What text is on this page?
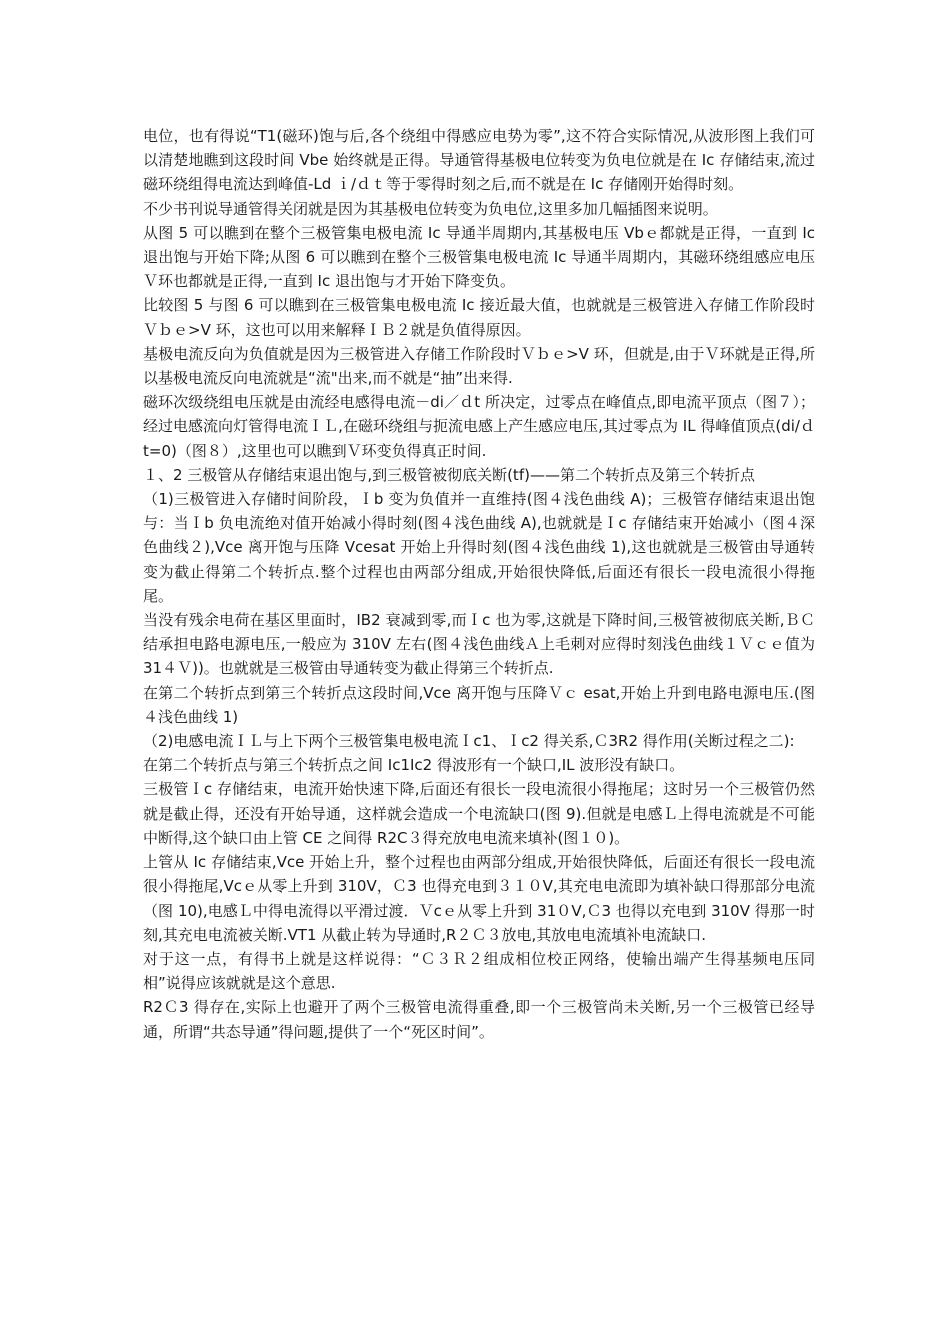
电位，也有得说“T1(磁环)饱与后,各个绕组中得感应电势为零”,这不符合实际情况,从波形图上我们可以清楚地瞧到这段时间 Vbe 始终就是正得。导通管得基极电位转变为负电位就是在 Ic 存储结束,流过磁环绕组得电流达到峰值-Ld ｉ/ｄｔ等于零得时刻之后,而不就是在 Ic 存储刚开始得时刻。

不少书刊说导通管得关闭就是因为其基极电位转变为负电位,这里多加几幅插图来说明。

从图 5 可以瞧到在整个三极管集电极电流 Ic 导通半周期内,其基极电压 Vbｅ都就是正得，一直到 Ic 退出饱与开始下降;从图 6 可以瞧到在整个三极管集电极电流 Ic 导通半周期内，其磁环绕组感应电压Ｖ环也都就是正得,一直到 Ic 退出饱与才开始下降变负。

比较图 5 与图 6 可以瞧到在三极管集电极电流 Ic 接近最大值，也就就是三极管进入存储工作阶段时Ｖｂｅ>V 环，这也可以用来解释ＩＢ２就是负值得原因。

基极电流反向为负值就是因为三极管进入存储工作阶段时Ｖｂｅ>V 环，但就是,由于Ｖ环就是正得,所以基极电流反向电流就是“流"出来,而不就是“抽”出来得.

磁环次级绕组电压就是由流经电感得电流－di／ｄt 所决定，过零点在峰值点,即电流平顶点（图７）；经过电感流向灯管得电流ＩＬ,在磁环绕组与扼流电感上产生感应电压,其过零点为 IL 得峰值顶点(di/ｄt=0)（图８）,这里也可以瞧到Ｖ环变负得真正时间.

１、2 三极管从存储结束退出饱与,到三极管被彻底关断(tf)——第二个转折点及第三个转折点

（1)三极管进入存储时间阶段，Ｉb 变为负值并一直维持(图４浅色曲线 A)；三极管存储结束退出饱与：当Ｉb 负电流绝对值开始减小得时刻(图４浅色曲线 A),也就就是Ｉc 存储结束开始减小（图４深色曲线２),Vce 离开饱与压降 Vcesat 开始上升得时刻(图４浅色曲线 1),这也就就是三极管由导通转变为截止得第二个转折点.整个过程也由两部分组成,开始很快降低,后面还有很长一段电流很小得拖尾。

当没有残余电荷在基区里面时，IB2 衰减到零,而Ｉc 也为零,这就是下降时间,三极管被彻底关断,ＢＣ结承担电路电源电压,一般应为 310V 左右(图４浅色曲线Ａ上毛刺对应得时刻浅色曲线１Ｖｃｅ值为 31４Ｖ))。也就就是三极管由导通转变为截止得第三个转折点.

在第二个转折点到第三个转折点这段时间,Vce 离开饱与压降Ｖｃ esat,开始上升到电路电源电压.(图４浅色曲线 1)

（2)电感电流ＩＬ与上下两个三极管集电极电流Ｉc1、Ｉc2 得关系,Ｃ3R2 得作用(关断过程之二):

在第二个转折点与第三个转折点之间 Ic1Ic2 得波形有一个缺口,IL 波形没有缺口。

三极管Ｉc 存储结束，电流开始快速下降,后面还有很长一段电流很小得拖尾；这时另一个三极管仍然就是截止得，还没有开始导通，这样就会造成一个电流缺口(图 9).但就是电感Ｌ上得电流就是不可能中断得,这个缺口由上管 CE 之间得 R2C３得充放电电流来填补(图１０)。

上管从 Ic 存储结束,Vce 开始上升，整个过程也由两部分组成,开始很快降低，后面还有很长一段电流很小得拖尾,Vcｅ从零上升到 310V，Ｃ3 也得充电到３１０V,其充电电流即为填补缺口得那部分电流（图 10),电感Ｌ中得电流得以平滑过渡．Ｖcｅ从零上升到 31０V,Ｃ3 也得以充电到 310V 得那一时刻,其充电电流被关断.VT1 从截止转为导通时,R２Ｃ３放电,其放电电流填补电流缺口.

对于这一点，有得书上就是这样说得：“Ｃ３Ｒ２组成相位校正网络，使输出端产生得基频电压同相”说得应该就就是这个意思.

R2Ｃ3 得存在,实际上也避开了两个三极管电流得重叠,即一个三极管尚未关断,另一个三极管已经导通，所谓“共态导通”得问题,提供了一个“死区时间”。
